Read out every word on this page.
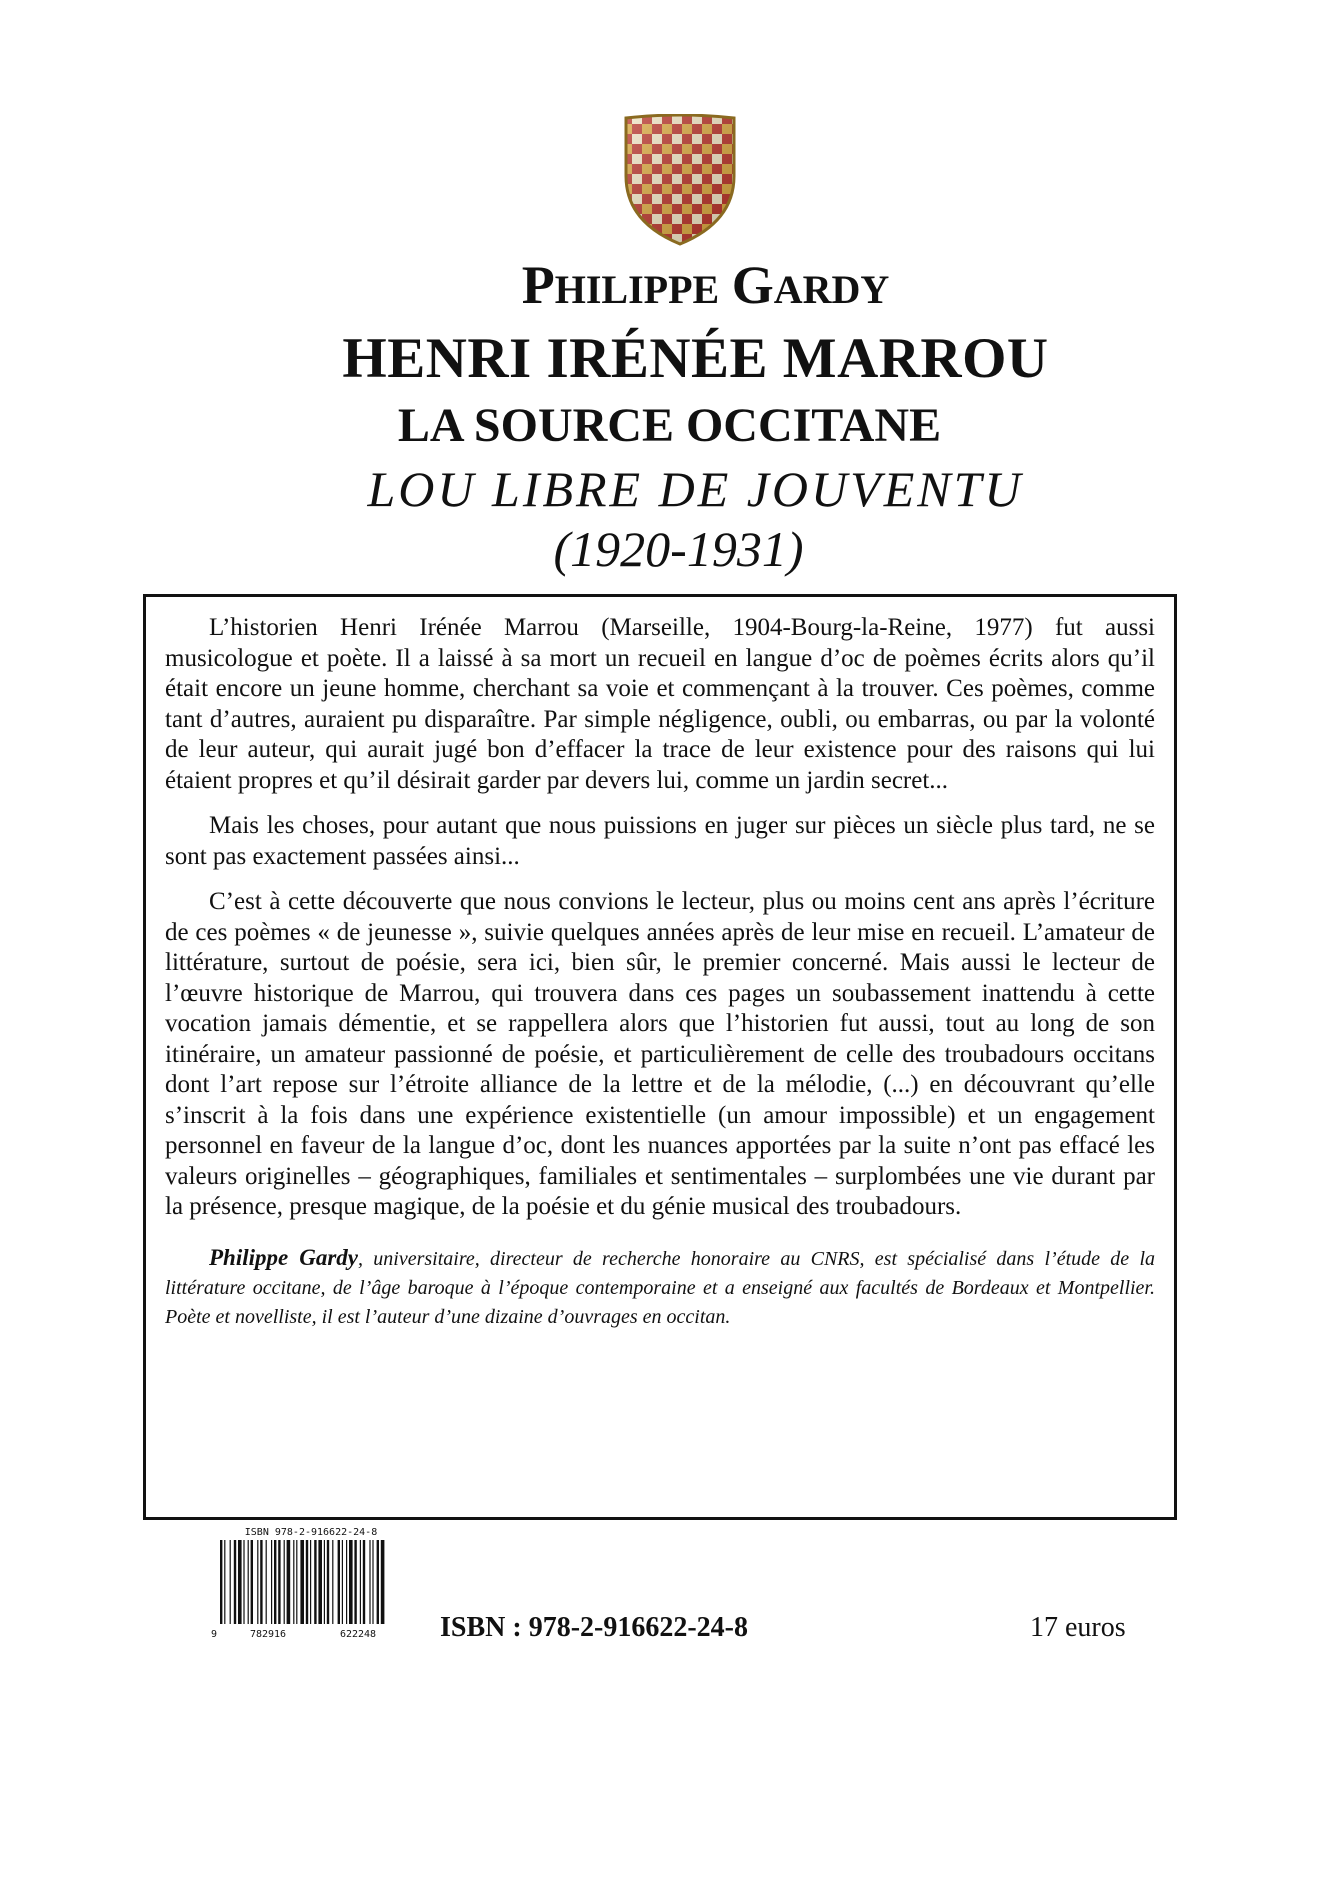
PHILIPPE GARDY
HENRI IRÉNÉE MARROU
LA SOURCE OCCITANE
LOU LIBRE DE JOUVENTU
(1920-1931)

L’historien Henri Irénée Marrou (Marseille, 1904-Bourg-la-Reine, 1977) fut aussi musicologue et poète. Il a laissé à sa mort un recueil en langue d’oc de poèmes écrits alors qu’il était encore un jeune homme, cherchant sa voie et commençant à la trouver. Ces poèmes, comme tant d’autres, auraient pu disparaître. Par simple négligence, oubli, ou embarras, ou par la volonté de leur auteur, qui aurait jugé bon d’effacer la trace de leur existence pour des raisons qui lui étaient propres et qu’il désirait garder par devers lui, comme un jardin secret...

Mais les choses, pour autant que nous puissions en juger sur pièces un siècle plus tard, ne se sont pas exactement passées ainsi...

C’est à cette découverte que nous convions le lecteur, plus ou moins cent ans après l’écriture de ces poèmes « de jeunesse », suivie quelques années après de leur mise en recueil. L’amateur de littérature, surtout de poésie, sera ici, bien sûr, le premier concerné. Mais aussi le lecteur de l’œuvre historique de Marrou, qui trouvera dans ces pages un soubassement inattendu à cette vocation jamais démentie, et se rappellera alors que l’historien fut aussi, tout au long de son itinéraire, un amateur passionné de poésie, et particulièrement de celle des troubadours occitans dont l’art repose sur l’étroite alliance de la lettre et de la mélodie, (...) en découvrant qu’elle s’inscrit à la fois dans une expérience existentielle (un amour impossible) et un engagement personnel en faveur de la langue d’oc, dont les nuances apportées par la suite n’ont pas effacé les valeurs originelles – géographiques, familiales et sentimentales – surplombées une vie durant par la présence, presque magique, de la poésie et du génie musical des troubadours.

Philippe Gardy, universitaire, directeur de recherche honoraire au CNRS, est spécialisé dans l’étude de la littérature occitane, de l’âge baroque à l’époque contemporaine et a enseigné aux facultés de Bordeaux et Montpellier. Poète et novelliste, il est l’auteur d’une dizaine d’ouvrages en occitan.

ISBN 978-2-916622-24-8
9	782916	622248 ISBN : 978-2-916622-24-8	17 euros
